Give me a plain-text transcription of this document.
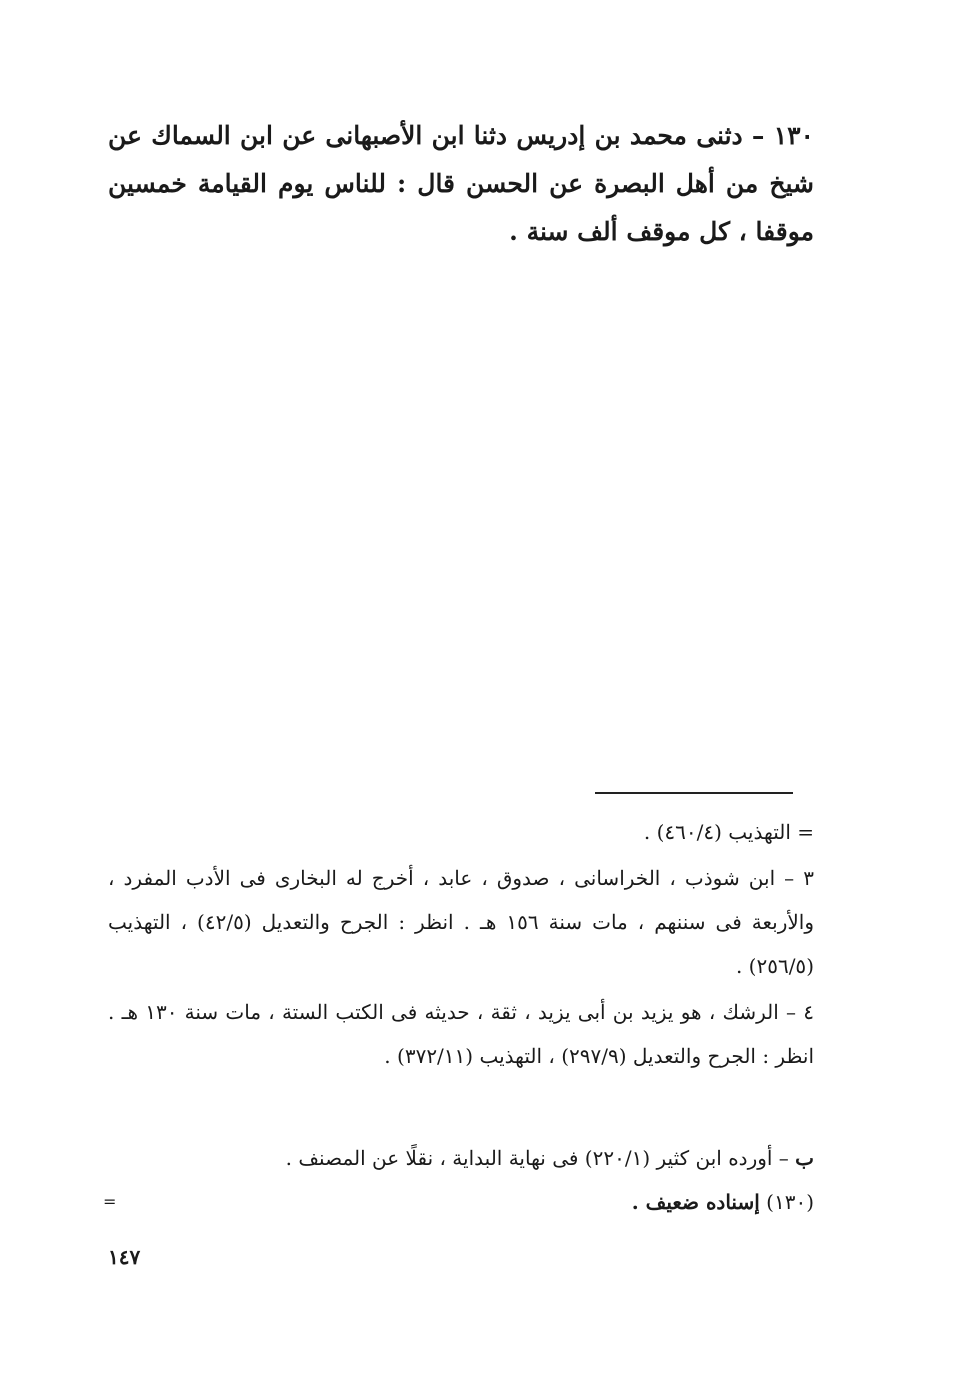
١٣٠ – دثنی محمد بن إدريس دثنا ابن الأصبهانی عن ابن السماك عن شيخ من أهل البصرة عن الحسن قال : للناس يوم القيامة خمسين موقفا ، كل موقف ألف سنة .
= التهذيب (٤٦٠/٤) .
٣ – ابن شوذب ، الخراسانی ، صدوق ، عابد ، أخرج له البخاری فی الأدب المفرد ، والأربعة فی سننهم ، مات سنة ١٥٦ هـ . انظر : الجرح والتعديل (٤٢/٥) ، التهذيب (٢٥٦/٥) .
٤ – الرشك ، هو يزيد بن أبی يزيد ، ثقة ، حديثه فی الكتب الستة ، مات سنة ١٣٠ هـ . انظر : الجرح والتعديل (٢٩٧/٩) ، التهذيب (٣٧٢/١١) .
ب – أورده ابن كثير (٢٢٠/١) فی نهاية البداية ، نقلًا عن المصنف .
(١٣٠) إسناده ضعيف .
=
١٤٧
